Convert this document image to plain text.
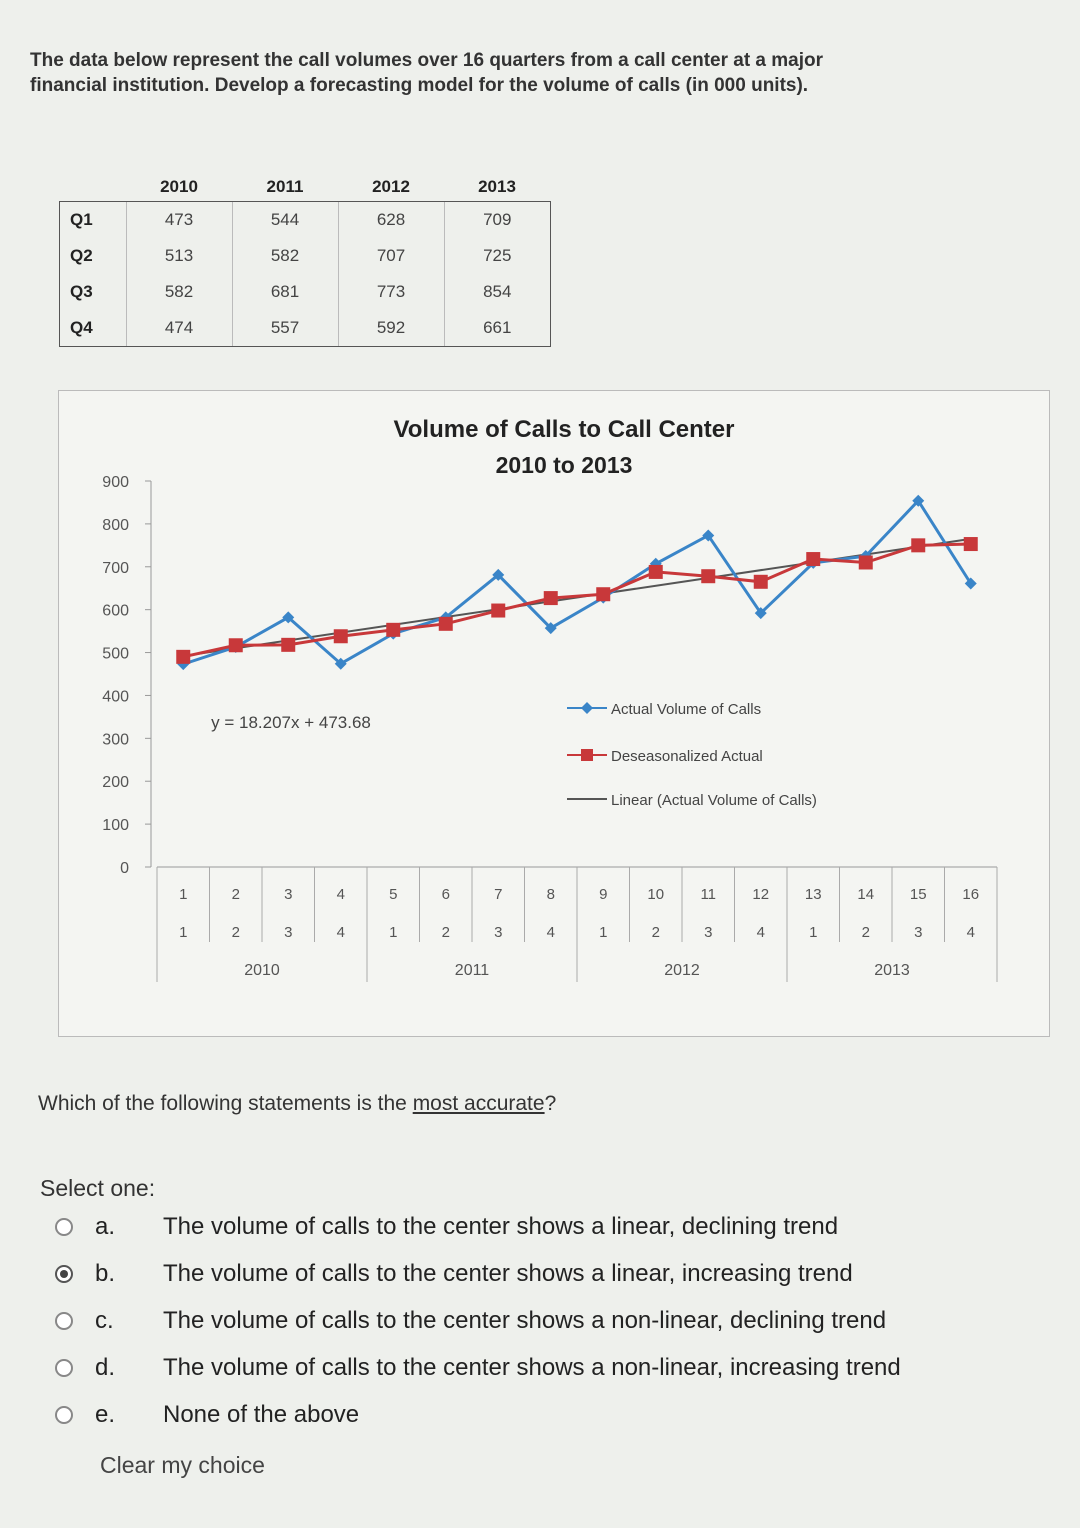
The data below represent the call volumes over 16 quarters from a call center at a major financial institution. Develop a forecasting model for the volume of calls (in 000 units).
	2010	2011	2012	2013
Q1	473	544	628	709
Q2	513	582	707	725
Q3	582	681	773	854
Q4	474	557	592	661
Volume of Calls to Call Center
2010 to 2013
0
100
200
300
400
500
600
700
800
900
1	2	3	4	5	6	7	8	9	10 11 12 13 14 15 16
1	2	3	4	1	2	3	4	1	2	3	4	1	2	3	4
2010	2011	2012	2013
y = 18.207x + 473.68
Actual Volume of Calls
Deseasonalized Actual
Linear (Actual Volume of Calls)
Which of the following statements is the most accurate?
Select one:
a.	The volume of calls to the center shows a linear, declining trend
b.	The volume of calls to the center shows a linear, increasing trend
c.	The volume of calls to the center shows a non-linear, declining trend
d.	The volume of calls to the center shows a non-linear, increasing trend
e.	None of the above
Clear my choice
